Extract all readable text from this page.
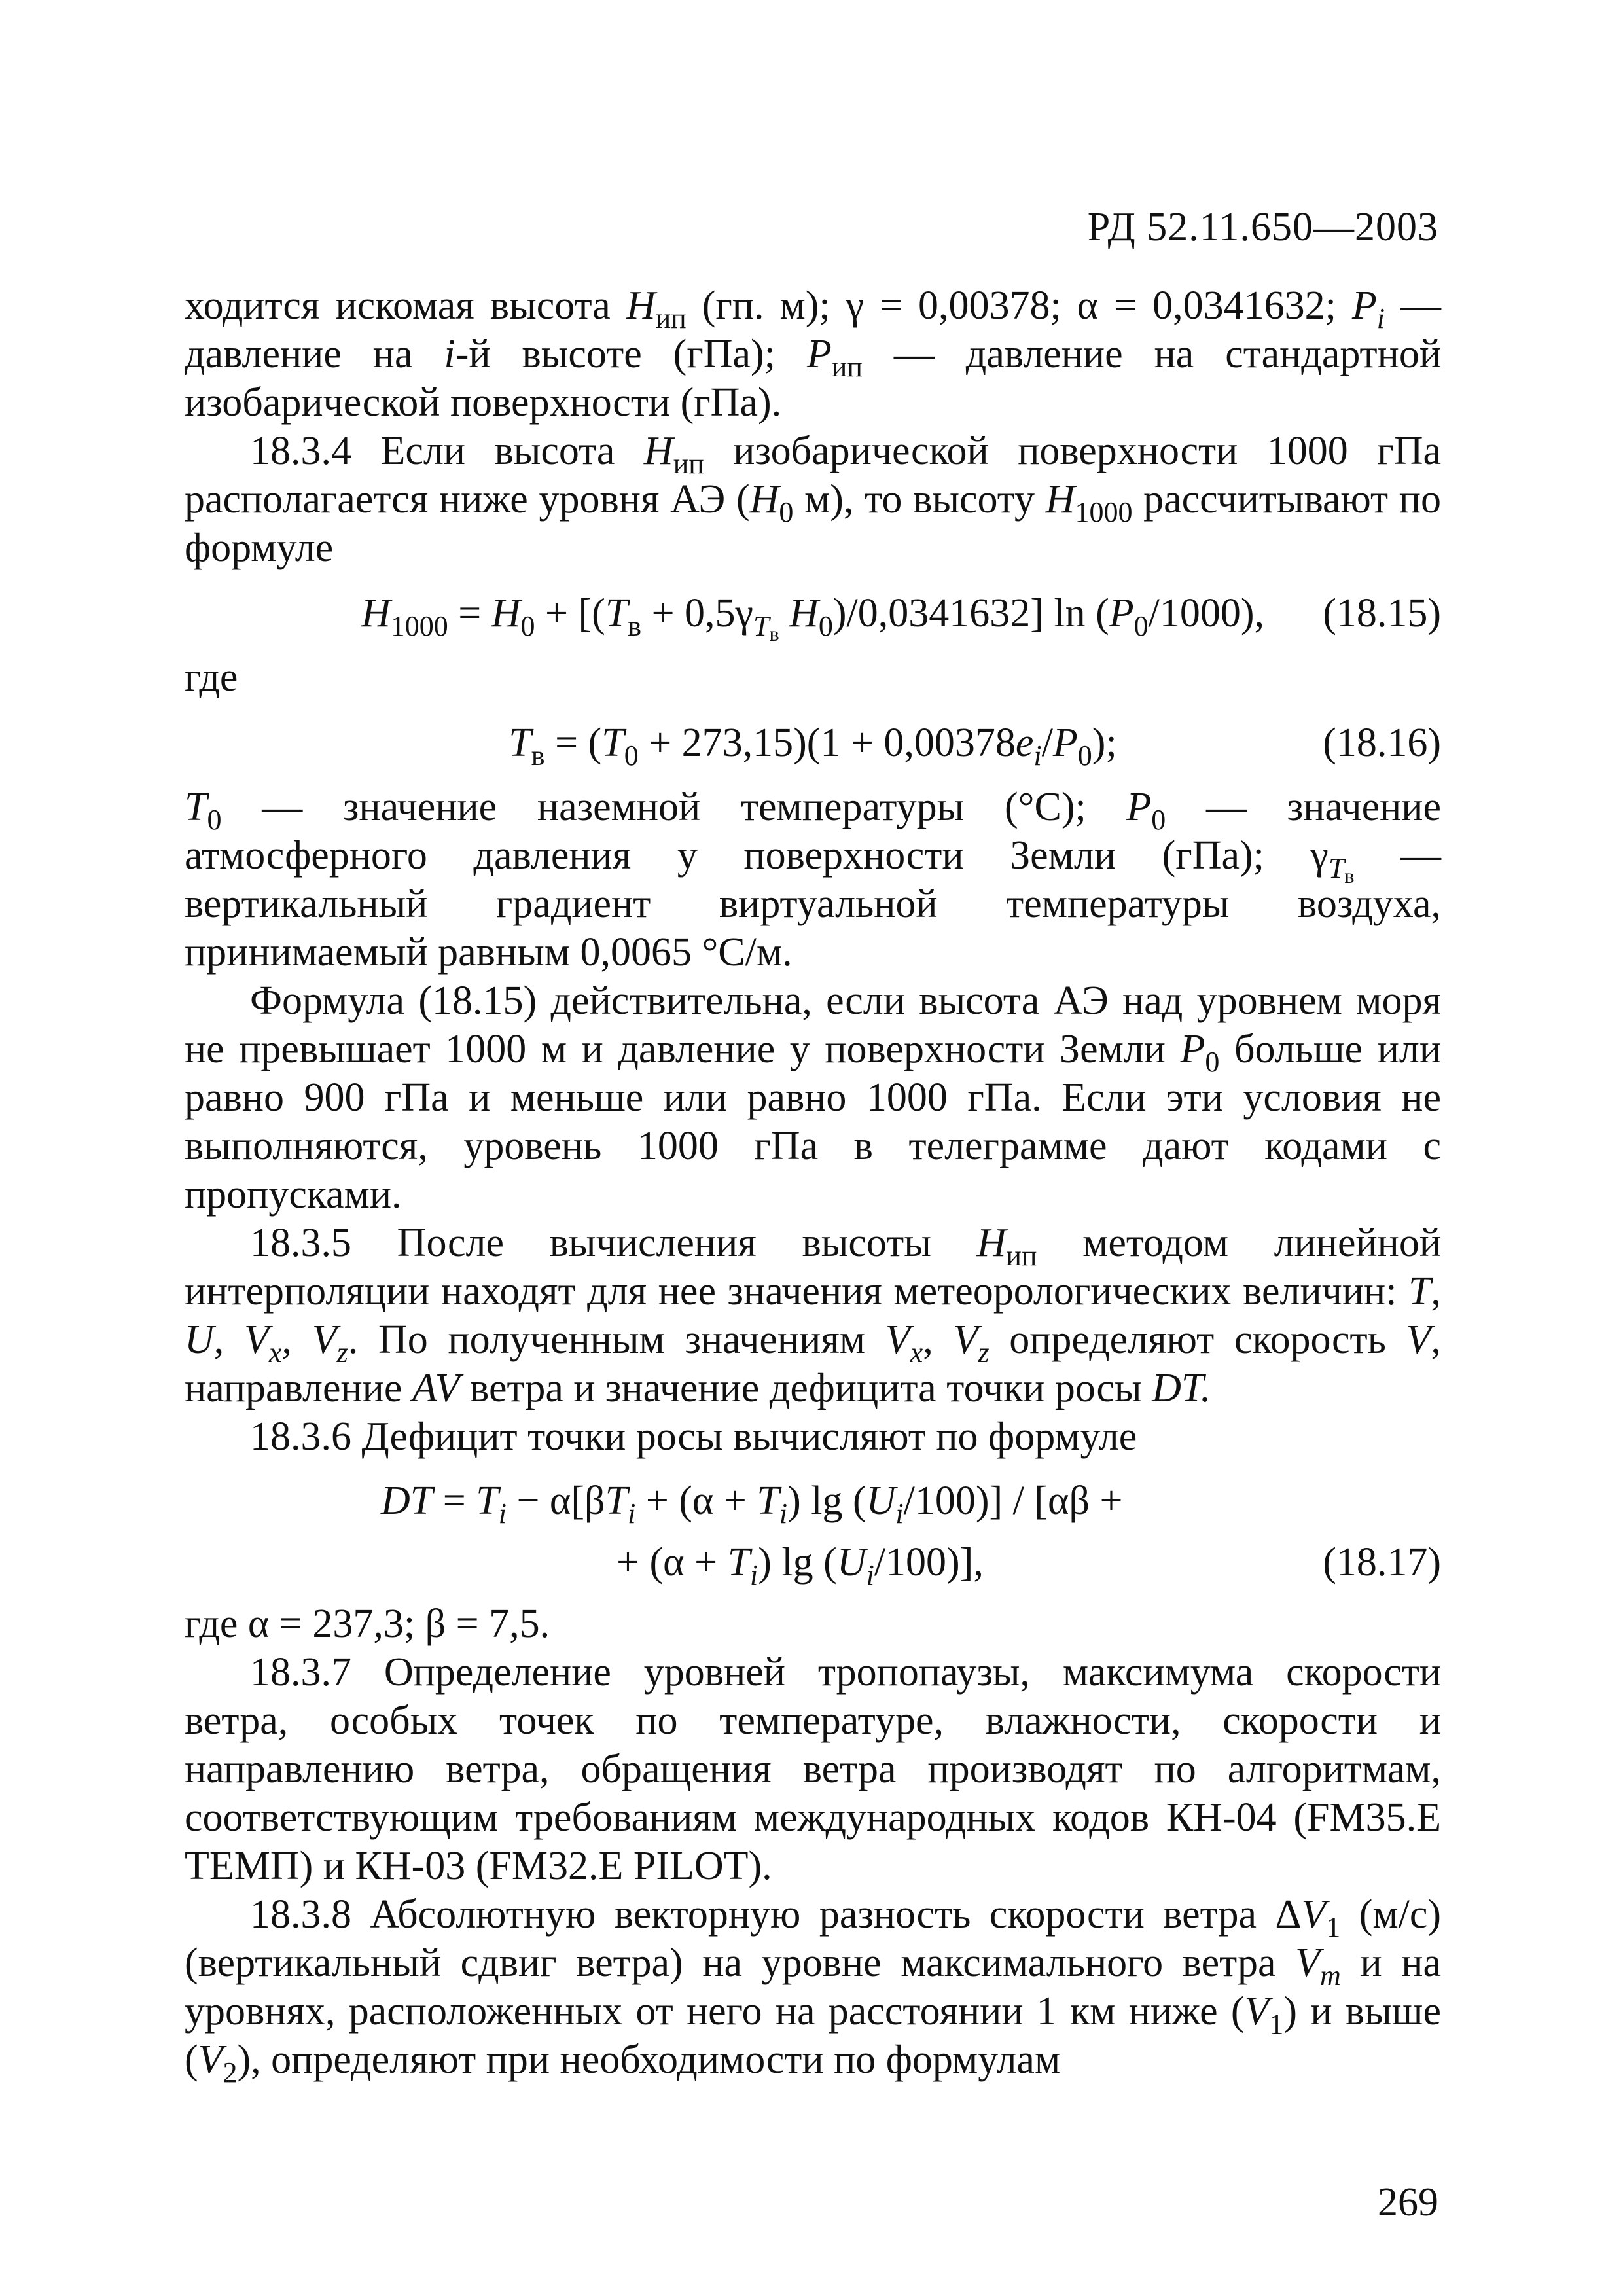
РД 52.11.650—2003

ходится искомая высота $H_{ип}$ (гп. м); γ = 0,00378; α = 0,0341632; $P_i$ — давление на i-й высоте (гПа); $P_{ип}$ — давление на стандартной изобарической поверхности (гПа).

18.3.4 Если высота $H_{ип}$ изобарической поверхности 1000 гПа располагается ниже уровня АЭ ($H_0$ м), то высоту $H_{1000}$ рассчитывают по формуле

$H_{1000} = H_0 + [(T_в + 0,5\gamma_{T_в}$ $H_0)/0,0341632$] $\ln (P_0/1000)$,	(18.15)

где

$T_в = (T_0 + 273,15)(1 + 0,00378e_i/P_0)$;	(18.16)

$T_0$ — значение наземной температуры (°С); $P_0$ — значение атмосферного давления у поверхности Земли (гПа); $\gamma_{T_в}$ — вертикальный градиент виртуальной температуры воздуха, принимаемый равным 0,0065 °С/м.

Формула (18.15) действительна, если высота АЭ над уровнем моря не превышает 1000 м и давление у поверхности Земли $P_0$ больше или равно 900 гПа и меньше или равно 1000 гПа. Если эти условия не выполняются, уровень 1000 гПа в телеграмме дают кодами с пропусками.

18.3.5 После вычисления высоты $H_{ип}$ методом линейной интерполяции находят для нее значения метеорологических величин: T, U, $V_x$, $V_z$. По полученным значениям $V_x$, $V_z$ определяют скорость V, направление AV ветра и значение дефицита точки росы DT.

18.3.6 Дефицит точки росы вычисляют по формуле

DT = $T_i - \alpha[\beta T_i + (\alpha + T_i)$ $\lg (U_i/100)] / [\alpha\beta$ +
+ $(\alpha + T_i)$ $\lg (U_i/100)$],	(18.17)

где α = 237,3; β = 7,5.

18.3.7 Определение уровней тропопаузы, максимума скорости ветра, особых точек по температуре, влажности, скорости и направлению ветра, обращения ветра производят по алгоритмам, соответствующим требованиям международных кодов КН-04 (FM35.E ТЕМП) и КН-03 (FM32.E PILOT).

18.3.8 Абсолютную векторную разность скорости ветра $\Delta V_1$ (м/с) (вертикальный сдвиг ветра) на уровне максимального ветра $V_m$ и на уровнях, расположенных от него на расстоянии 1 км ниже $(V_1)$ и выше $(V_2)$, определяют при необходимости по формулам

269
